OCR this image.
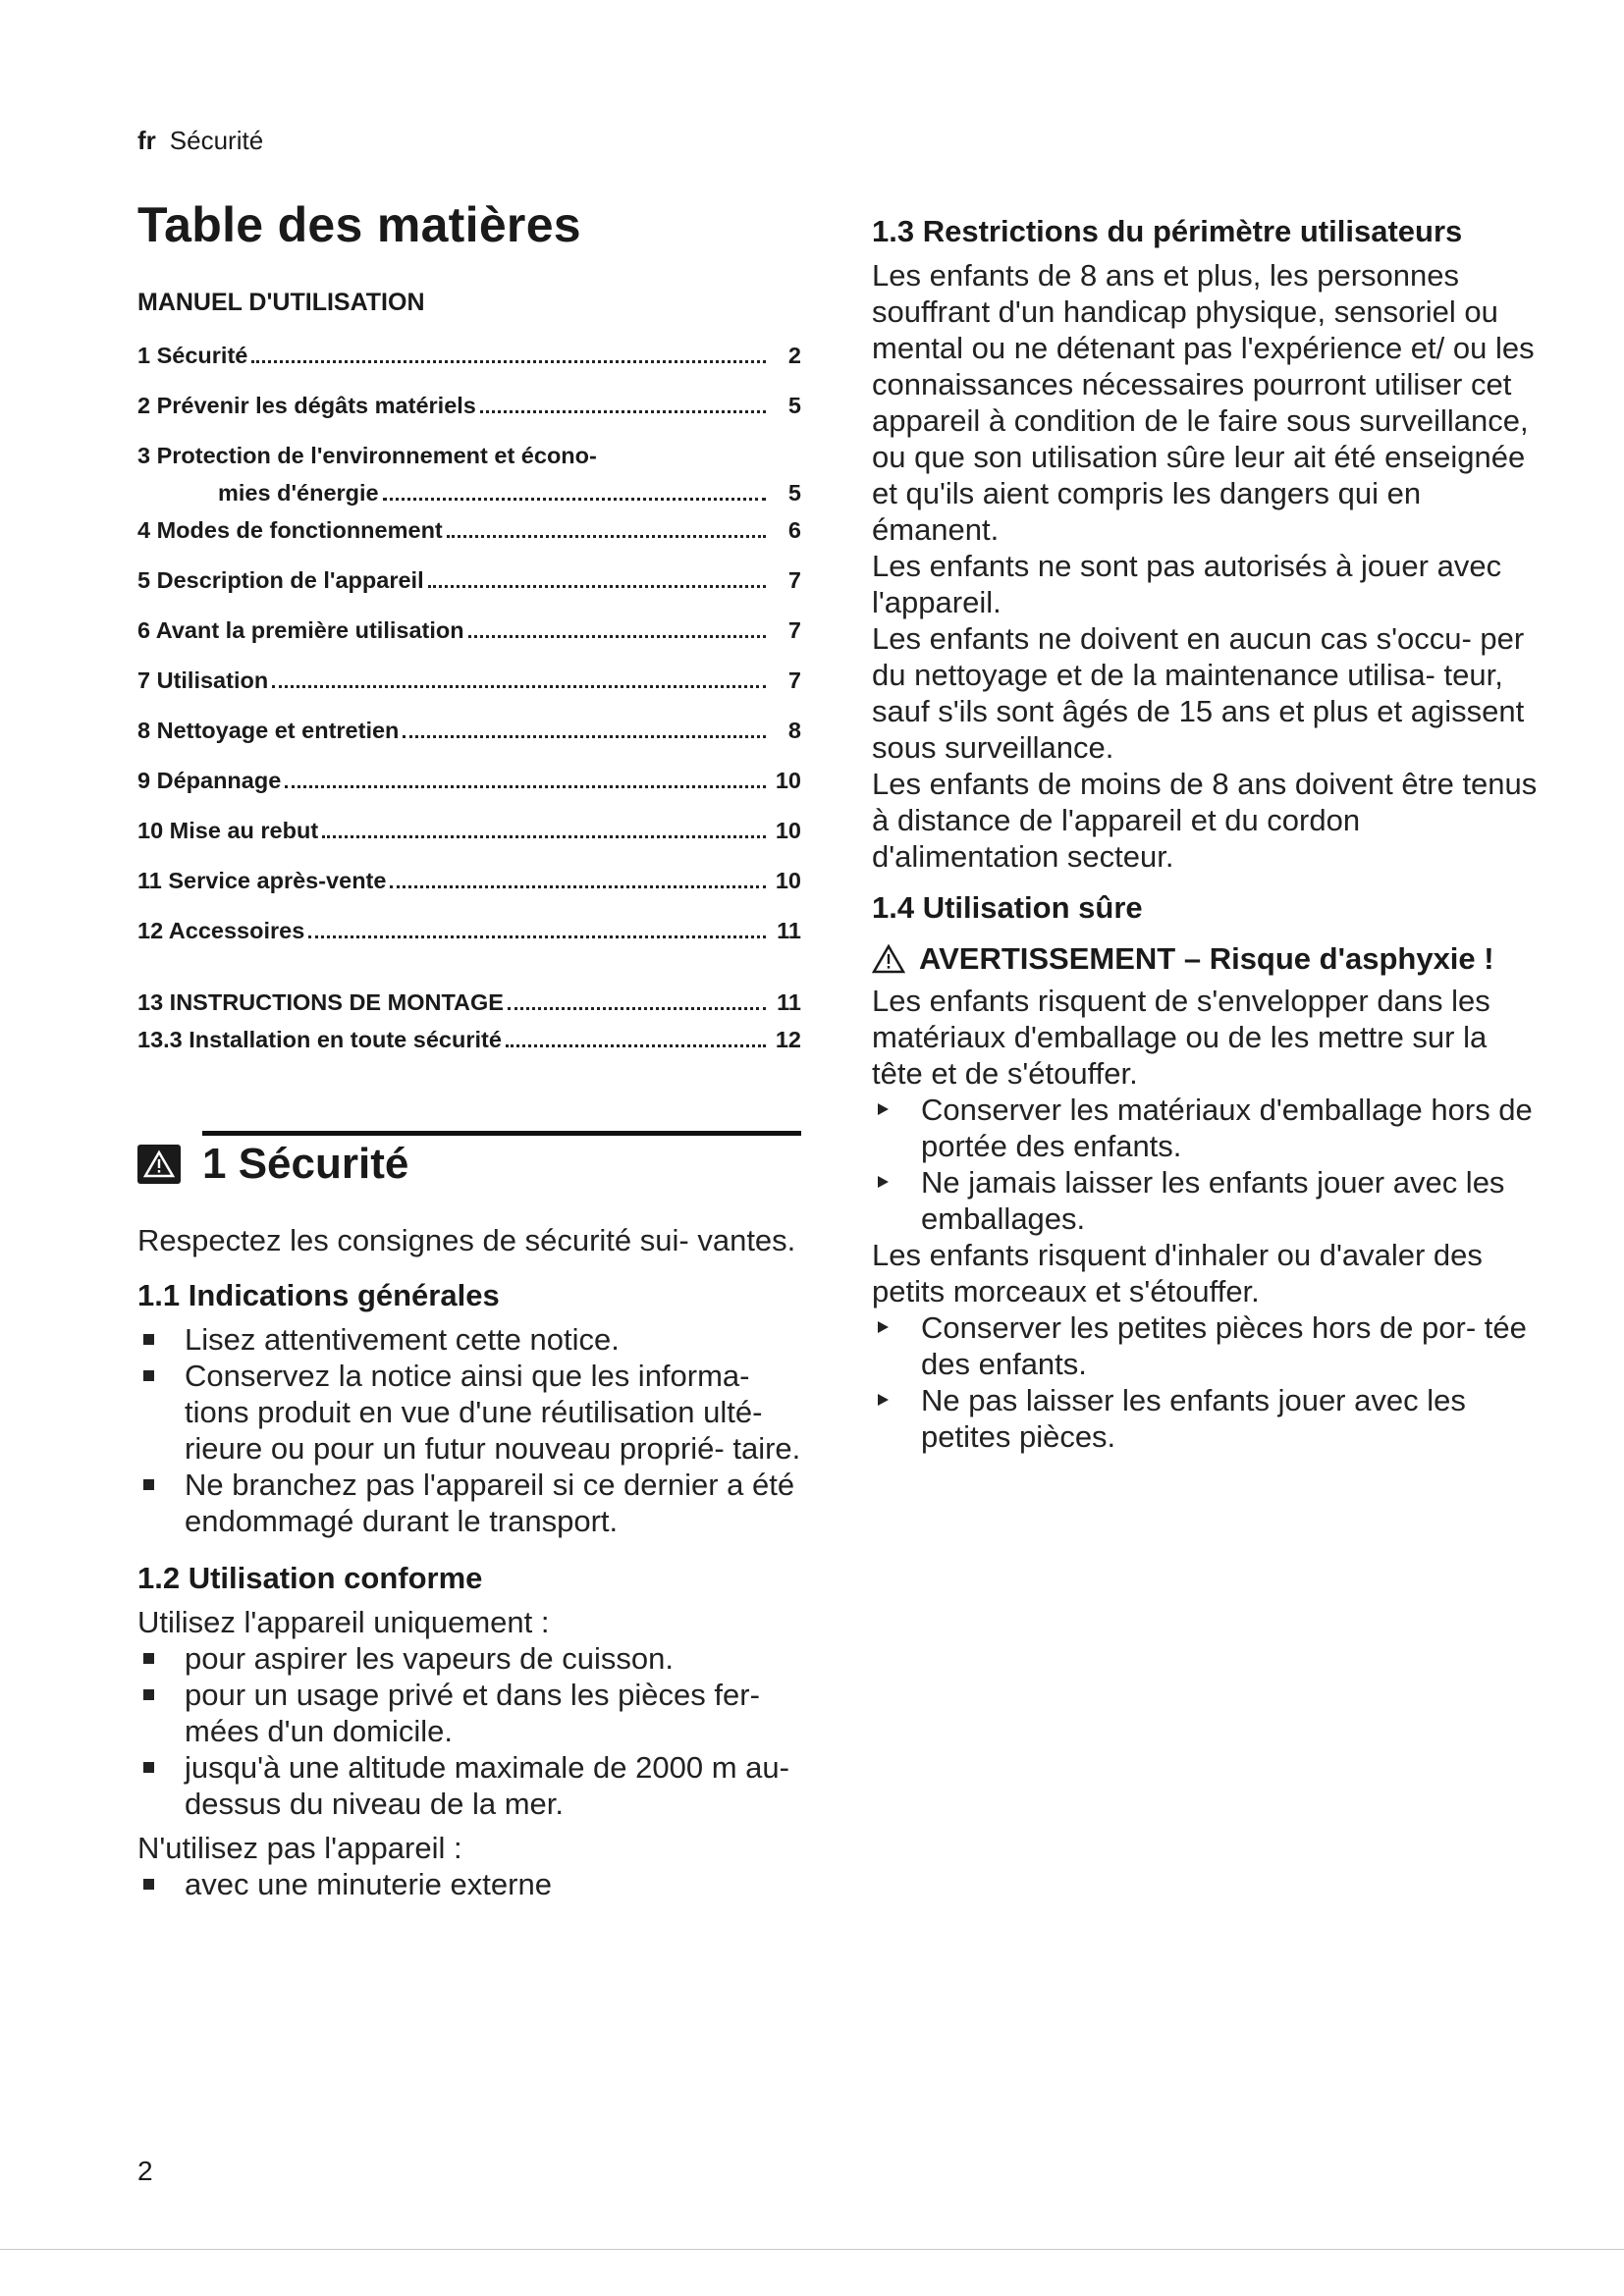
fr Sécurité
Table des matières
MANUEL D'UTILISATION
1 Sécurité	2
2 Prévenir les dégâts matériels	5
3 Protection de l'environnement et écono-
mies d'énergie	5
4 Modes de fonctionnement	6
5 Description de l'appareil	7
6 Avant la première utilisation	7
7 Utilisation	7
8 Nettoyage et entretien	8
9 Dépannage	10
10 Mise au rebut	10
11 Service après-vente	10
12 Accessoires	11
13 INSTRUCTIONS DE MONTAGE	11
13.3 Installation en toute sécurité	12
1 Sécurité

Respectez les consignes de sécurité sui- vantes.

1.1 Indications générales
Lisez attentivement cette notice.
Conservez la notice ainsi que les informa- tions produit en vue d'une réutilisation ulté- rieure ou pour un futur nouveau proprié- taire.
Ne branchez pas l'appareil si ce dernier a été endommagé durant le transport.
1.2 Utilisation conforme
Utilisez l'appareil uniquement :
pour aspirer les vapeurs de cuisson.
pour un usage privé et dans les pièces fer- mées d'un domicile.
jusqu'à une altitude maximale de 2000 m au-dessus du niveau de la mer.
N'utilisez pas l'appareil :
avec une minuterie externe
1.3 Restrictions du périmètre utilisateurs
Les enfants de 8 ans et plus, les personnes souffrant d'un handicap physique, sensoriel ou mental ou ne détenant pas l'expérience et/ ou les connaissances nécessaires pourront utiliser cet appareil à condition de le faire sous surveillance, ou que son utilisation sûre leur ait été enseignée et qu'ils aient compris les dangers qui en émanent.
Les enfants ne sont pas autorisés à jouer avec l'appareil.
Les enfants ne doivent en aucun cas s'occu- per du nettoyage et de la maintenance utilisa- teur, sauf s'ils sont âgés de 15 ans et plus et agissent sous surveillance.
Les enfants de moins de 8 ans doivent être tenus à distance de l'appareil et du cordon d'alimentation secteur.
1.4 Utilisation sûre
AVERTISSEMENT – Risque d'asphyxie !
Les enfants risquent de s'envelopper dans les matériaux d'emballage ou de les mettre sur la tête et de s'étouffer.
Conserver les matériaux d'emballage hors de portée des enfants.
Ne jamais laisser les enfants jouer avec les emballages.
Les enfants risquent d'inhaler ou d'avaler des petits morceaux et s'étouffer.
Conserver les petites pièces hors de por- tée des enfants.
Ne pas laisser les enfants jouer avec les petites pièces.
2
